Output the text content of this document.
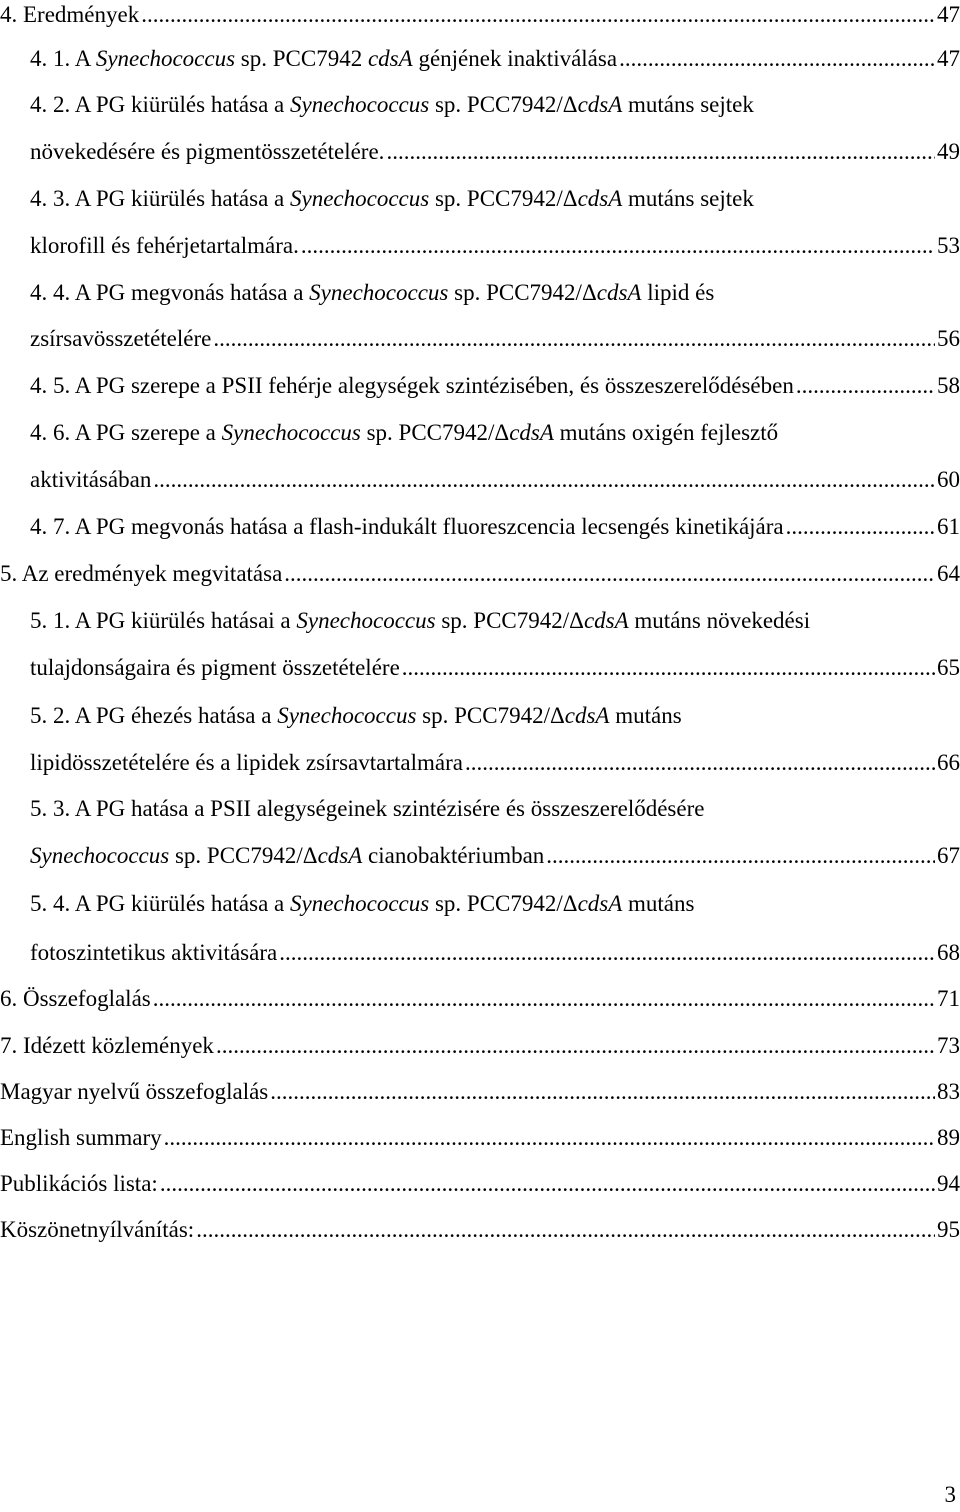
4. Eredmények .....	47
4. 1. A Synechococcus sp. PCC7942 cdsA génjének inaktiválása .....	47
4. 2. A PG kiürülés hatása a Synechococcus sp. PCC7942/ΔcdsA mutáns sejtek
növekedésére és pigmentösszetételére. .....	49
4. 3. A PG kiürülés hatása a Synechococcus sp. PCC7942/ΔcdsA mutáns sejtek
klorofill és fehérjetartalmára. .....	53
4. 4. A PG megvonás hatása a Synechococcus sp. PCC7942/ΔcdsA lipid és
zsírsavösszetételére .....	56
4. 5. A PG szerepe a PSII fehérje alegységek szintézisében, és összeszerelődésében .....	58
4. 6. A PG szerepe a Synechococcus sp. PCC7942/ΔcdsA mutáns oxigén fejlesztő
aktivitásában .....	60
4. 7. A PG megvonás hatása a flash-indukált fluoreszcencia lecsengés kinetikájára .....	61
5. Az eredmények megvitatása .....	64
5. 1. A PG kiürülés hatásai a Synechococcus sp. PCC7942/ΔcdsA mutáns növekedési
tulajdonságaira és pigment összetételére .....	65
5. 2. A PG éhezés hatása a Synechococcus sp. PCC7942/ΔcdsA mutáns
lipidösszetételére és a lipidek zsírsavtartalmára .....	66
5. 3. A PG hatása a PSII alegységeinek szintézisére és összeszerelődésére
Synechococcus sp. PCC7942/ΔcdsA cianobaktériumban .....	67
5. 4. A PG kiürülés hatása a Synechococcus sp. PCC7942/ΔcdsA mutáns
fotoszintetikus aktivitására .....	68
6. Összefoglalás .....	71
7. Idézett közlemények .....	73
Magyar nyelvű összefoglalás .....	83
English summary .....	89
Publikációs lista: .....	94
Köszönetnyílvánítás: .....	95
3
